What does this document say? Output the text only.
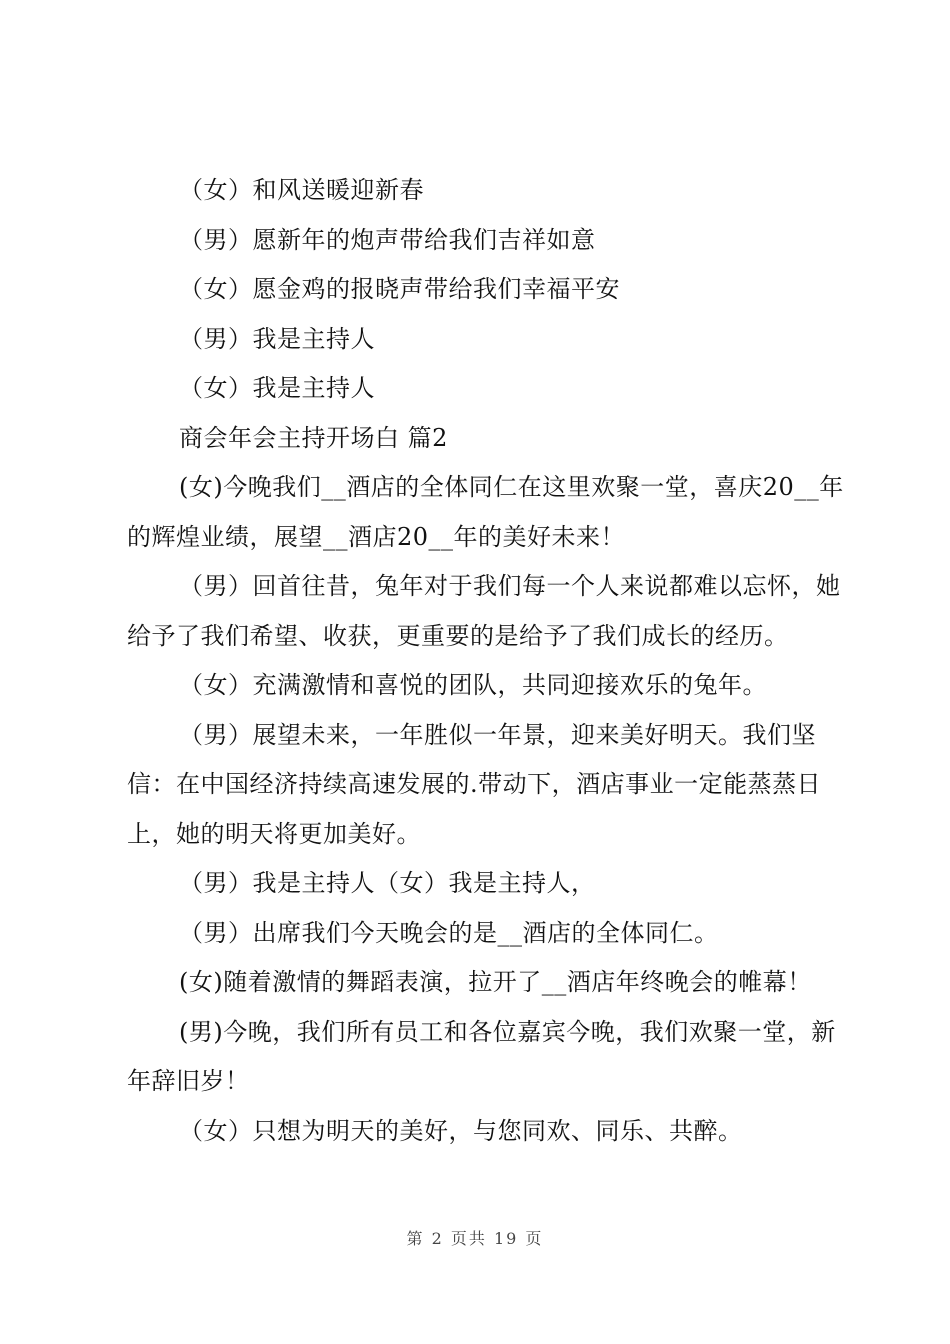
（女）和风送暖迎新春

（男）愿新年的炮声带给我们吉祥如意

（女）愿金鸡的报晓声带给我们幸福平安

（男）我是主持人

（女）我是主持人

商会年会主持开场白 篇2

(女)今晚我们__酒店的全体同仁在这里欢聚一堂，喜庆20__年的辉煌业绩，展望__酒店20__年的美好未来！

（男）回首往昔，兔年对于我们每一个人来说都难以忘怀，她给予了我们希望、收获，更重要的是给予了我们成长的经历。

（女）充满激情和喜悦的团队，共同迎接欢乐的兔年。

（男）展望未来，一年胜似一年景，迎来美好明天。我们坚信：在中国经济持续高速发展的.带动下，酒店事业一定能蒸蒸日上，她的明天将更加美好。

（男）我是主持人（女）我是主持人，

（男）出席我们今天晚会的是__酒店的全体同仁。

(女)随着激情的舞蹈表演，拉开了__酒店年终晚会的帷幕！

(男)今晚，我们所有员工和各位嘉宾今晚，我们欢聚一堂，新年辞旧岁！

（女）只想为明天的美好，与您同欢、同乐、共醉。

第 2 页共 19 页
